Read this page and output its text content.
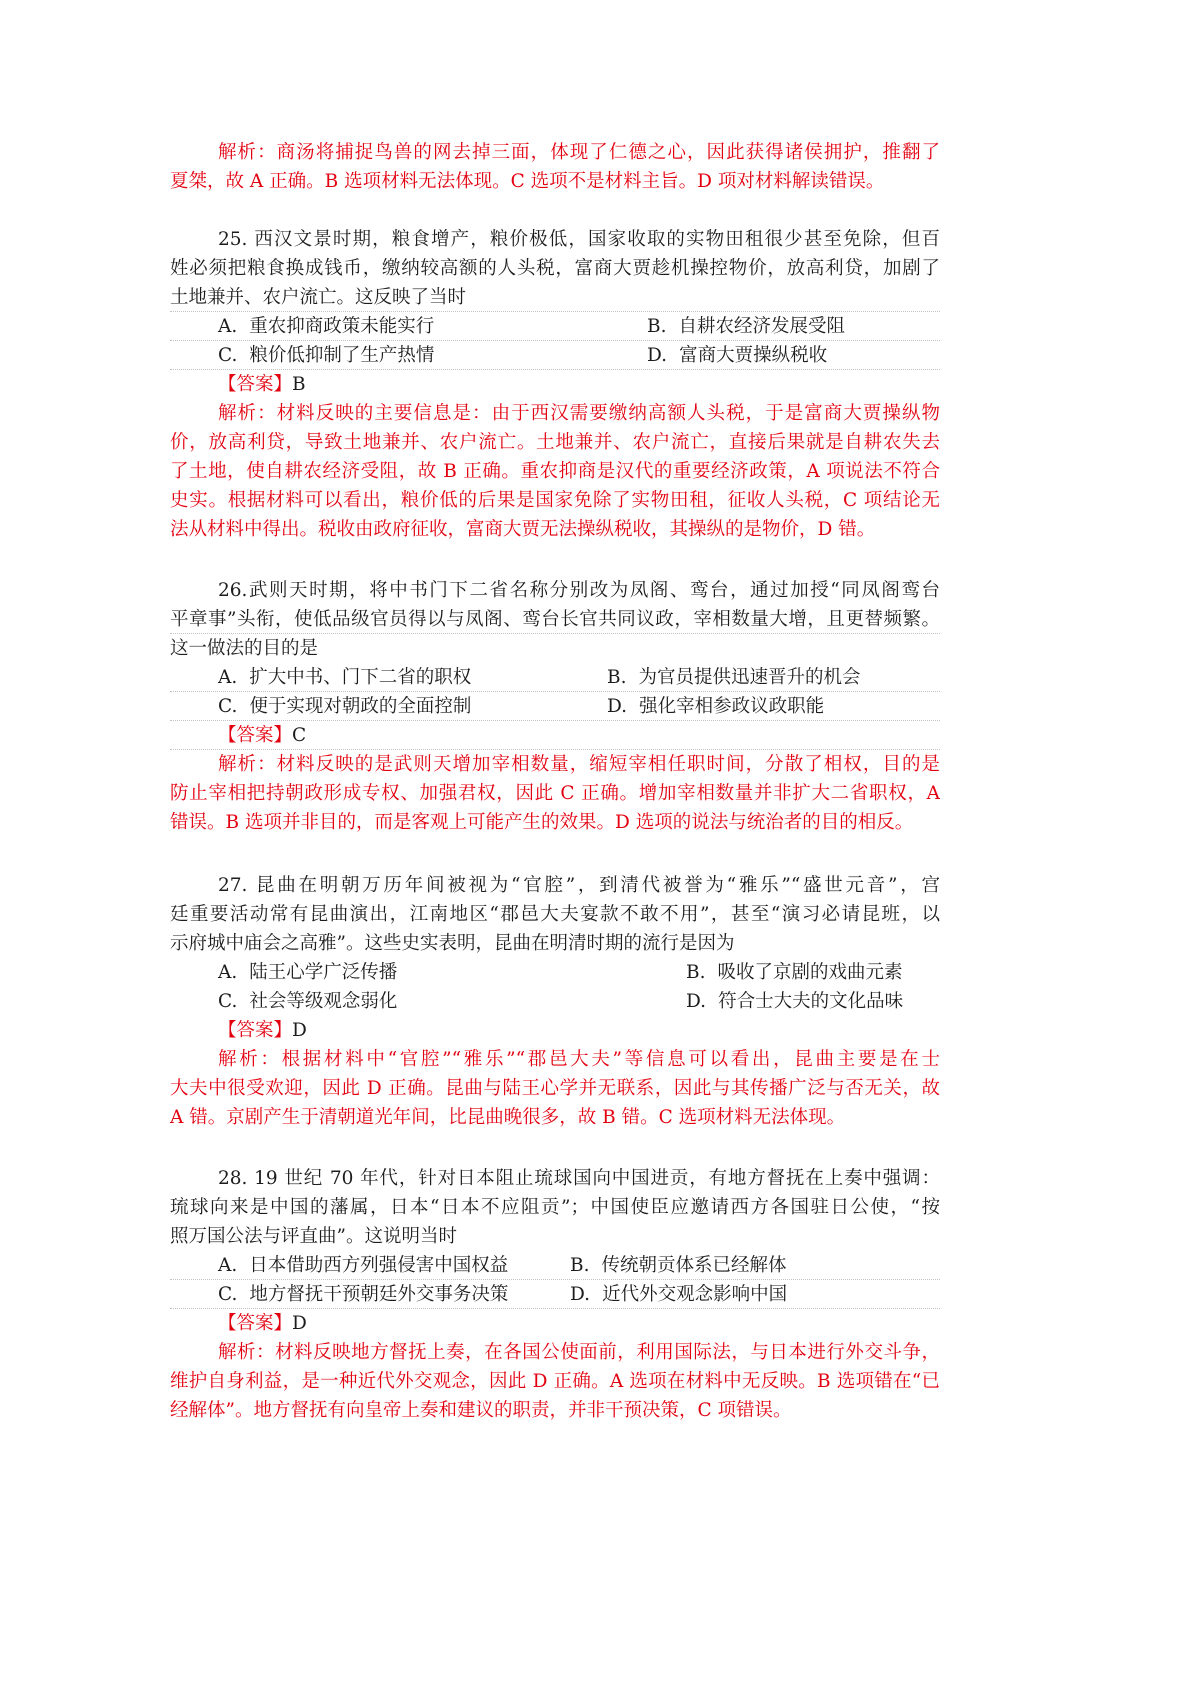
解析：商汤将捕捉鸟兽的网去掉三面，体现了仁德之心，因此获得诸侯拥护，推翻了
夏桀，故 A 正确。B 选项材料无法体现。C 选项不是材料主旨。D 项对材料解读错误。
25. 西汉文景时期，粮食增产，粮价极低，国家收取的实物田租很少甚至免除，但百
姓必须把粮食换成钱币，缴纳较高额的人头税，富商大贾趁机操控物价，放高利贷，加剧了
土地兼并、农户流亡。这反映了当时
A. 重农抑商政策未能实行	B. 自耕农经济发展受阻
C. 粮价低抑制了生产热情	D. 富商大贾操纵税收
【答案】B
解析：材料反映的主要信息是：由于西汉需要缴纳高额人头税，于是富商大贾操纵物
价，放高利贷，导致土地兼并、农户流亡。土地兼并、农户流亡，直接后果就是自耕农失去
了土地，使自耕农经济受阻，故 B 正确。重农抑商是汉代的重要经济政策，A 项说法不符合
史实。根据材料可以看出，粮价低的后果是国家免除了实物田租，征收人头税，C 项结论无
法从材料中得出。税收由政府征收，富商大贾无法操纵税收，其操纵的是物价，D 错。
26.武则天时期，将中书门下二省名称分别改为凤阁、鸾台，通过加授“同凤阁鸾台
平章事”头衔，使低品级官员得以与凤阁、鸾台长官共同议政，宰相数量大增，且更替频繁。
这一做法的目的是
A. 扩大中书、门下二省的职权	B. 为官员提供迅速晋升的机会
C. 便于实现对朝政的全面控制	D. 强化宰相参政议政职能
【答案】C
解析：材料反映的是武则天增加宰相数量，缩短宰相任职时间，分散了相权，目的是
防止宰相把持朝政形成专权、加强君权，因此 C 正确。增加宰相数量并非扩大二省职权，A
错误。B 选项并非目的，而是客观上可能产生的效果。D 选项的说法与统治者的目的相反。
27. 昆曲在明朝万历年间被视为“官腔”，到清代被誉为“雅乐”“盛世元音”，宫
廷重要活动常有昆曲演出，江南地区“郡邑大夫宴款不敢不用”，甚至“演习必请昆班，以
示府城中庙会之高雅”。这些史实表明，昆曲在明清时期的流行是因为
A. 陆王心学广泛传播	B. 吸收了京剧的戏曲元素
C. 社会等级观念弱化	D. 符合士大夫的文化品味
【答案】D
解析：根据材料中“官腔”“雅乐”“郡邑大夫”等信息可以看出，昆曲主要是在士
大夫中很受欢迎，因此 D 正确。昆曲与陆王心学并无联系，因此与其传播广泛与否无关，故
A 错。京剧产生于清朝道光年间，比昆曲晚很多，故 B 错。C 选项材料无法体现。
28. 19 世纪 70 年代，针对日本阻止琉球国向中国进贡，有地方督抚在上奏中强调：
琉球向来是中国的藩属，日本“日本不应阻贡”；中国使臣应邀请西方各国驻日公使，“按
照万国公法与评直曲”。这说明当时
A. 日本借助西方列强侵害中国权益	B. 传统朝贡体系已经解体
C. 地方督抚干预朝廷外交事务决策	D. 近代外交观念影响中国
【答案】D
解析：材料反映地方督抚上奏，在各国公使面前，利用国际法，与日本进行外交斗争，
维护自身利益，是一种近代外交观念，因此 D 正确。A 选项在材料中无反映。B 选项错在“已
经解体”。地方督抚有向皇帝上奏和建议的职责，并非干预决策，C 项错误。
